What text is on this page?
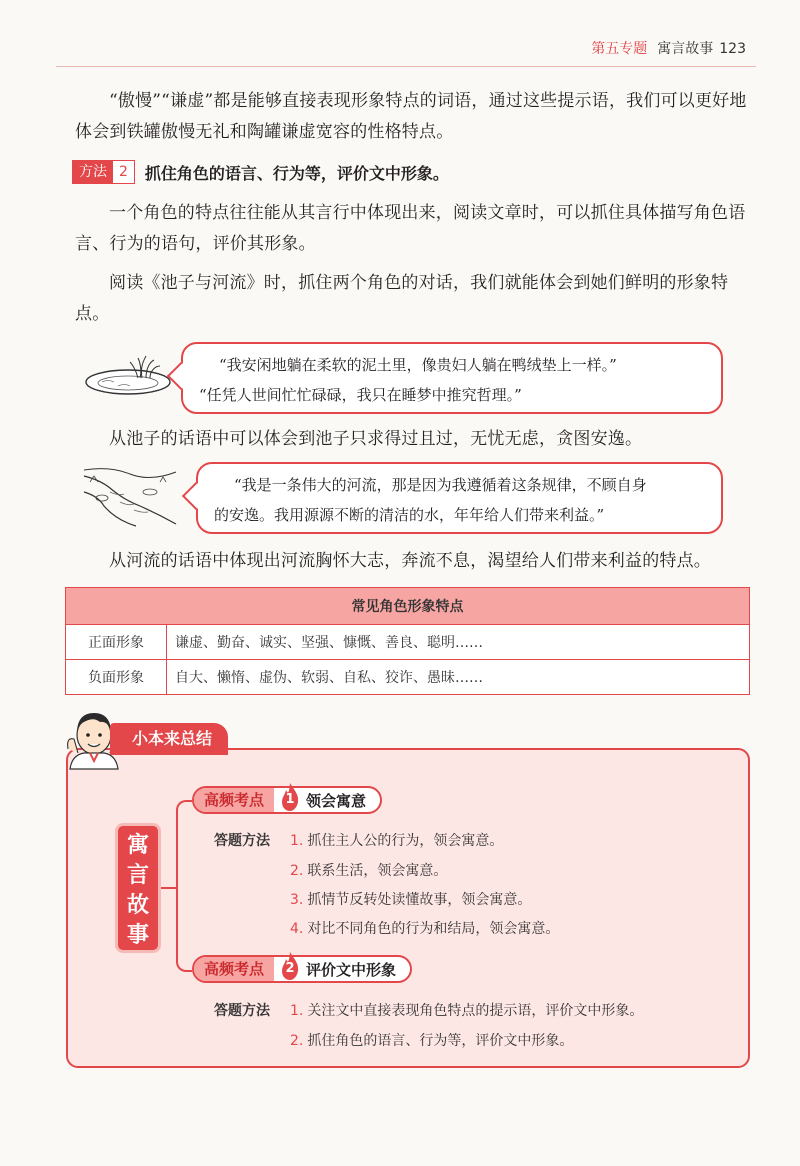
第五专题 寓言故事 123
“傲慢”“谦虚”都是能够直接表现形象特点的词语，通过这些提示语，我们可以更好地体会到铁罐傲慢无礼和陶罐谦虚宽容的性格特点。
方法 2	抓住角色的语言、行为等，评价文中形象。
一个角色的特点往往能从其言行中体现出来，阅读文章时，可以抓住具体描写角色语言、行为的语句，评价其形象。
阅读《池子与河流》时，抓住两个角色的对话，我们就能体会到她们鲜明的形象特点。
“我安闲地躺在柔软的泥土里，像贵妇人躺在鸭绒垫上一样。”
“任凭人世间忙忙碌碌，我只在睡梦中推究哲理。”
从池子的话语中可以体会到池子只求得过且过，无忧无虑，贪图安逸。
“我是一条伟大的河流，那是因为我遵循着这条规律，不顾自身
的安逸。我用源源不断的清洁的水，年年给人们带来利益。”
从河流的话语中体现出河流胸怀大志，奔流不息，渴望给人们带来利益的特点。
常见角色形象特点	
正面形象	谦虚、勤奋、诚实、坚强、慷慨、善良、聪明……
负面形象	自大、懒惰、虚伪、软弱、自私、狡诈、愚昧……
小本来总结
寓
言
故
事
高频考点	1 领会寓意
答题方法 1. 抓住主人公的行为，领会寓意。
2. 联系生活，领会寓意。
3. 抓情节反转处读懂故事，领会寓意。
4. 对比不同角色的行为和结局，领会寓意。
高频考点	2 评价文中形象
答题方法 1. 关注文中直接表现角色特点的提示语，评价文中形象。
2. 抓住角色的语言、行为等，评价文中形象。
